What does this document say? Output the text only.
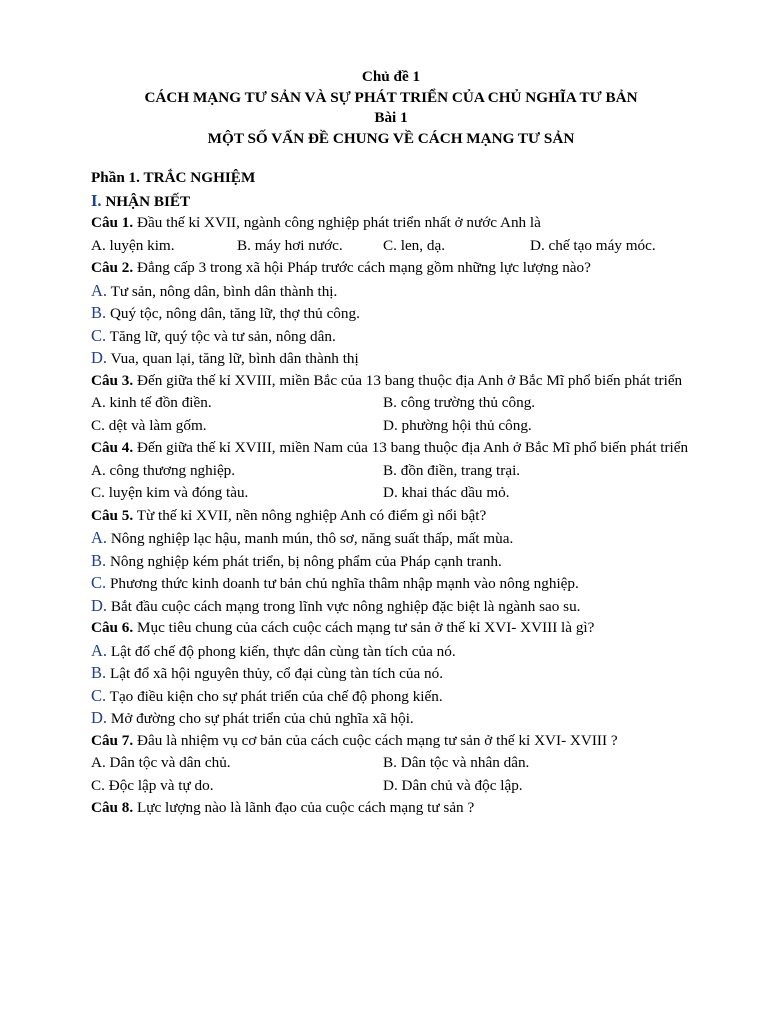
Chủ đề 1
CÁCH MẠNG TƯ SẢN VÀ SỰ PHÁT TRIỂN CỦA CHỦ NGHĨA TƯ BẢN
Bài 1
MỘT SỐ VẤN ĐỀ CHUNG VỀ CÁCH MẠNG TƯ SẢN
Phần 1. TRẮC NGHIỆM
I. NHẬN BIẾT
Câu 1. Đầu thế kỉ XVII, ngành công nghiệp phát triển nhất ở nước Anh là
A. luyện kim.	B. máy hơi nước.	C. len, dạ.	D. chế tạo máy móc.
Câu 2. Đẳng cấp 3 trong xã hội Pháp trước cách mạng gồm những lực lượng nào?
A. Tư sản, nông dân, bình dân thành thị.
B. Quý tộc, nông dân, tăng lữ, thợ thủ công.
C. Tăng lữ, quý tộc và tư sản, nông dân.
D. Vua, quan lại, tăng lữ, bình dân thành thị
Câu 3. Đến giữa thế kỉ XVIII, miền Bắc của 13 bang thuộc địa Anh ở Bắc Mĩ phổ biến phát triển
A. kinh tế đồn điền.	B. công trường thủ công.
C. dệt và làm gốm.	D. phường hội thủ công.
Câu 4. Đến giữa thế kỉ XVIII, miền Nam của 13 bang thuộc địa Anh ở Bắc Mĩ phổ biến phát triển
A. công thương nghiệp.	B. đồn điền, trang trại.
C. luyện kim và đóng tàu.	D. khai thác dầu mỏ.
Câu 5. Từ thế kỉ XVII, nền nông nghiệp Anh có điểm gì nổi bật?
A. Nông nghiệp lạc hậu, manh mún, thô sơ, năng suất thấp, mất mùa.
B. Nông nghiệp kém phát triển, bị nông phẩm của Pháp cạnh tranh.
C. Phương thức kinh doanh tư bản chủ nghĩa thâm nhập mạnh vào nông nghiệp.
D. Bắt đầu cuộc cách mạng trong lĩnh vực nông nghiệp đặc biệt là ngành sao su.
Câu 6. Mục tiêu chung của cách cuộc cách mạng tư sản ở thế kỉ XVI- XVIII là gì?
A. Lật đổ chế độ phong kiến, thực dân cùng tàn tích của nó.
B. Lật đổ xã hội nguyên thủy, cổ đại cùng tàn tích của nó.
C. Tạo điều kiện cho sự phát triển của chế độ phong kiến.
D. Mở đường cho sự phát triển của chủ nghĩa xã hội.
Câu 7. Đâu là nhiệm vụ cơ bản của cách cuộc cách mạng tư sản ở thế kỉ XVI- XVIII ?
A. Dân tộc và dân chủ.	B. Dân tộc và nhân dân.
C. Độc lập và tự do.	D. Dân chủ và độc lập.
Câu 8. Lực lượng nào là lãnh đạo của cuộc cách mạng tư sản ?
